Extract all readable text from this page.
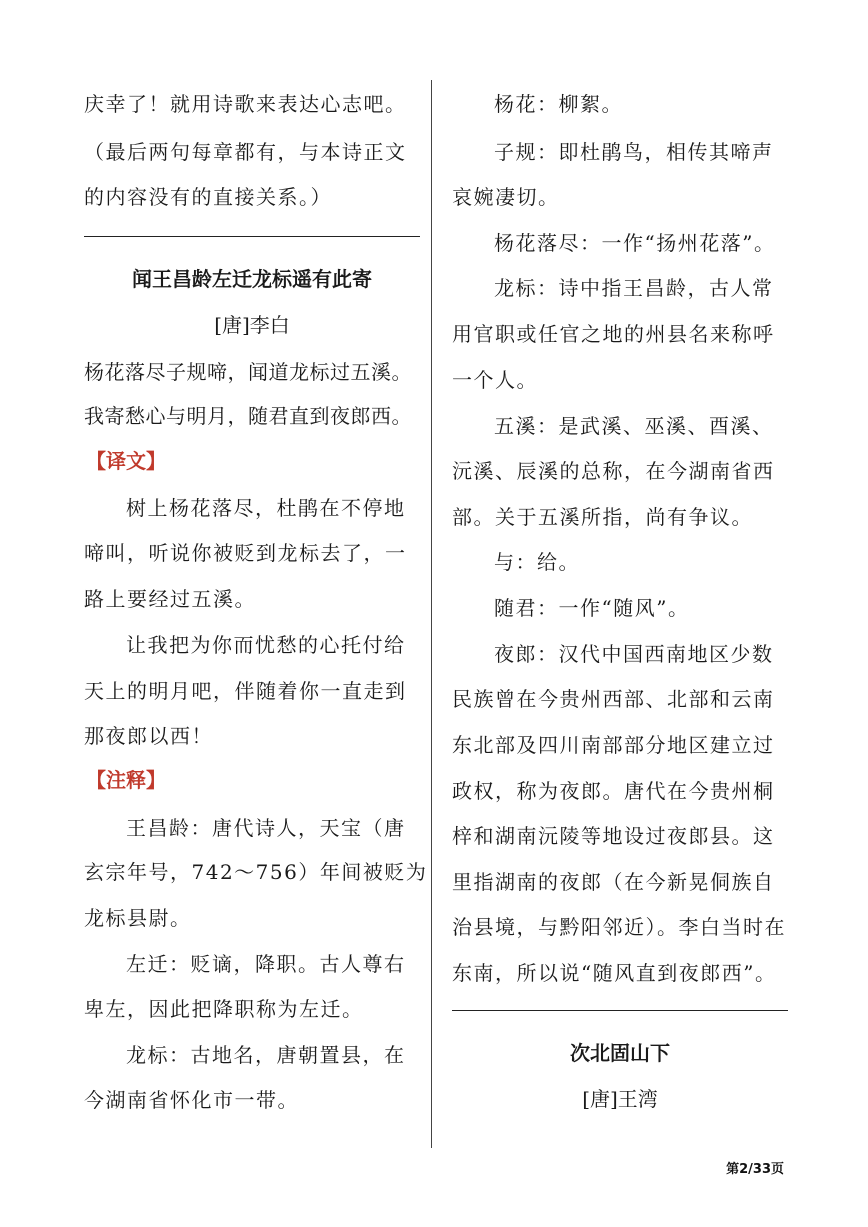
庆幸了！就用诗歌来表达心志吧。
（最后两句每章都有，与本诗正文
的内容没有的直接关系。）
闻王昌龄左迁龙标遥有此寄
[唐]李白
杨花落尽子规啼，闻道龙标过五溪。
我寄愁心与明月，随君直到夜郎西。
【译文】
树上杨花落尽，杜鹃在不停地
啼叫，听说你被贬到龙标去了，一
路上要经过五溪。
让我把为你而忧愁的心托付给
天上的明月吧，伴随着你一直走到
那夜郎以西！
【注释】
王昌龄：唐代诗人，天宝（唐
玄宗年号，742～756）年间被贬为
龙标县尉。
左迁：贬谪，降职。古人尊右
卑左，因此把降职称为左迁。
龙标：古地名，唐朝置县，在
今湖南省怀化市一带。
杨花：柳絮。
子规：即杜鹃鸟，相传其啼声
哀婉凄切。
杨花落尽：一作“扬州花落”。
龙标：诗中指王昌龄，古人常
用官职或任官之地的州县名来称呼
一个人。
五溪：是武溪、巫溪、酉溪、
沅溪、辰溪的总称，在今湖南省西
部。关于五溪所指，尚有争议。
与：给。
随君：一作“随风”。
夜郎：汉代中国西南地区少数
民族曾在今贵州西部、北部和云南
东北部及四川南部部分地区建立过
政权，称为夜郎。唐代在今贵州桐
梓和湖南沅陵等地设过夜郎县。这
里指湖南的夜郎（在今新晃侗族自
治县境，与黔阳邻近）。李白当时在
东南，所以说“随风直到夜郎西”。
次北固山下
[唐]王湾
第2/33页
